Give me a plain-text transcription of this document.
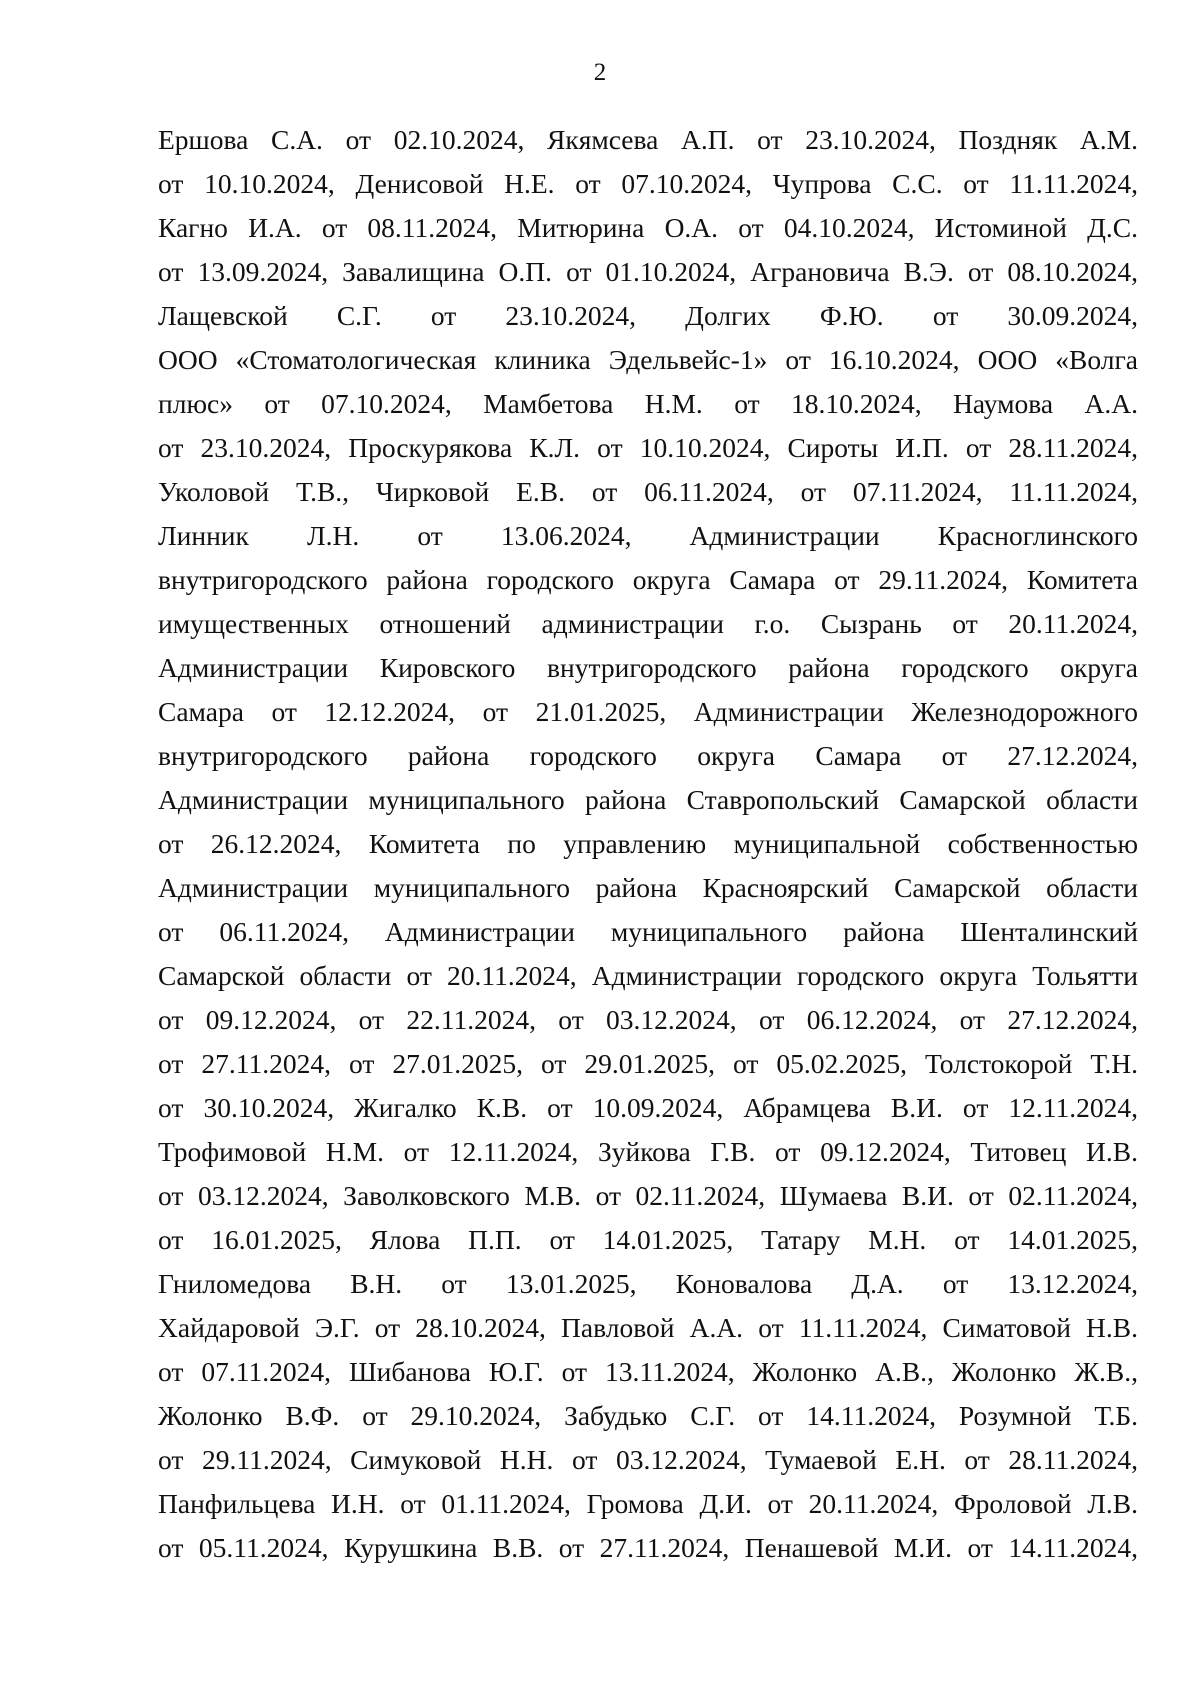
2
Ершова С.А. от 02.10.2024, Якямсева А.П. от 23.10.2024, Поздняк А.М.
от 10.10.2024, Денисовой Н.Е. от 07.10.2024, Чупрова С.С. от 11.11.2024,
Кагно И.А. от 08.11.2024, Митюрина О.А. от 04.10.2024, Истоминой Д.С.
от 13.09.2024, Завалищина О.П. от 01.10.2024, Аграновича В.Э. от 08.10.2024,
Лащевской С.Г. от 23.10.2024, Долгих Ф.Ю. от 30.09.2024,
ООО «Стоматологическая клиника Эдельвейс-1» от 16.10.2024, ООО «Волга
плюс» от 07.10.2024, Мамбетова Н.М. от 18.10.2024, Наумова А.А.
от 23.10.2024, Проскурякова К.Л. от 10.10.2024, Сироты И.П. от 28.11.2024,
Уколовой Т.В., Чирковой Е.В. от 06.11.2024, от 07.11.2024, 11.11.2024,
Линник Л.Н. от 13.06.2024, Администрации Красноглинского
внутригородского района городского округа Самара от 29.11.2024, Комитета
имущественных отношений администрации г.о. Сызрань от 20.11.2024,
Администрации Кировского внутригородского района городского округа
Самара от 12.12.2024, от 21.01.2025, Администрации Железнодорожного
внутригородского района городского округа Самара от 27.12.2024,
Администрации муниципального района Ставропольский Самарской области
от 26.12.2024, Комитета по управлению муниципальной собственностью
Администрации муниципального района Красноярский Самарской области
от 06.11.2024, Администрации муниципального района Шенталинский
Самарской области от 20.11.2024, Администрации городского округа Тольятти
от 09.12.2024, от 22.11.2024, от 03.12.2024, от 06.12.2024, от 27.12.2024,
от 27.11.2024, от 27.01.2025, от 29.01.2025, от 05.02.2025, Толстокорой Т.Н.
от 30.10.2024, Жигалко К.В. от 10.09.2024, Абрамцева В.И. от 12.11.2024,
Трофимовой Н.М. от 12.11.2024, Зуйкова Г.В. от 09.12.2024, Титовец И.В.
от 03.12.2024, Заволковского М.В. от 02.11.2024, Шумаева В.И. от 02.11.2024,
от 16.01.2025, Ялова П.П. от 14.01.2025, Татару М.Н. от 14.01.2025,
Гниломедова В.Н. от 13.01.2025, Коновалова Д.А. от 13.12.2024,
Хайдаровой Э.Г. от 28.10.2024, Павловой А.А. от 11.11.2024, Симатовой Н.В.
от 07.11.2024, Шибанова Ю.Г. от 13.11.2024, Жолонко А.В., Жолонко Ж.В.,
Жолонко В.Ф. от 29.10.2024, Забудько С.Г. от 14.11.2024, Розумной Т.Б.
от 29.11.2024, Симуковой Н.Н. от 03.12.2024, Тумаевой Е.Н. от 28.11.2024,
Панфильцева И.Н. от 01.11.2024, Громова Д.И. от 20.11.2024, Фроловой Л.В.
от 05.11.2024, Курушкина В.В. от 27.11.2024, Пенашевой М.И. от 14.11.2024,
